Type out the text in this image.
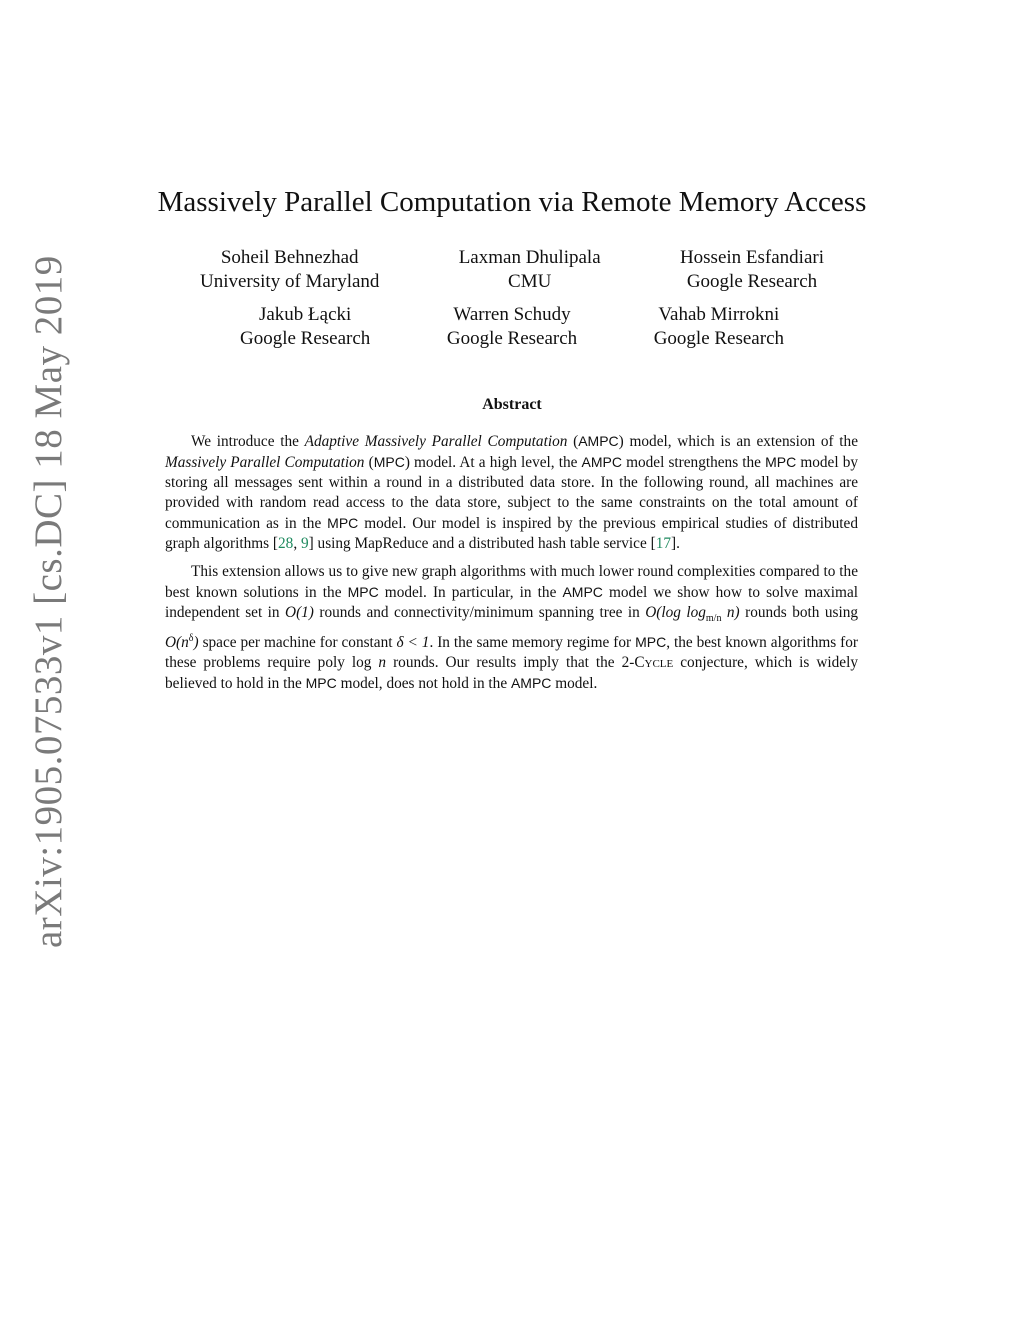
arXiv:1905.07533v1 [cs.DC] 18 May 2019
Massively Parallel Computation via Remote Memory Access
Soheil Behnezhad
University of Maryland
Laxman Dhulipala
CMU
Hossein Esfandiari
Google Research
Jakub Łącki
Google Research
Warren Schudy
Google Research
Vahab Mirrokni
Google Research
Abstract

We introduce the Adaptive Massively Parallel Computation (AMPC) model, which is an extension of the Massively Parallel Computation (MPC) model. At a high level, the AMPC model strengthens the MPC model by storing all messages sent within a round in a distributed data store. In the following round, all machines are provided with random read access to the data store, subject to the same constraints on the total amount of communication as in the MPC model. Our model is inspired by the previous empirical studies of distributed graph algorithms [28, 9] using MapReduce and a distributed hash table service [17].

This extension allows us to give new graph algorithms with much lower round complexities compared to the best known solutions in the MPC model. In particular, in the AMPC model we show how to solve maximal independent set in O(1) rounds and connectivity/minimum spanning tree in O(log $\log_{m/n} n$) rounds both using $O(n^\delta)$ space per machine for constant δ < 1. In the same memory regime for MPC, the best known algorithms for these problems require poly log n rounds. Our results imply that the 2-Cycle conjecture, which is widely believed to hold in the MPC model, does not hold in the AMPC model.
